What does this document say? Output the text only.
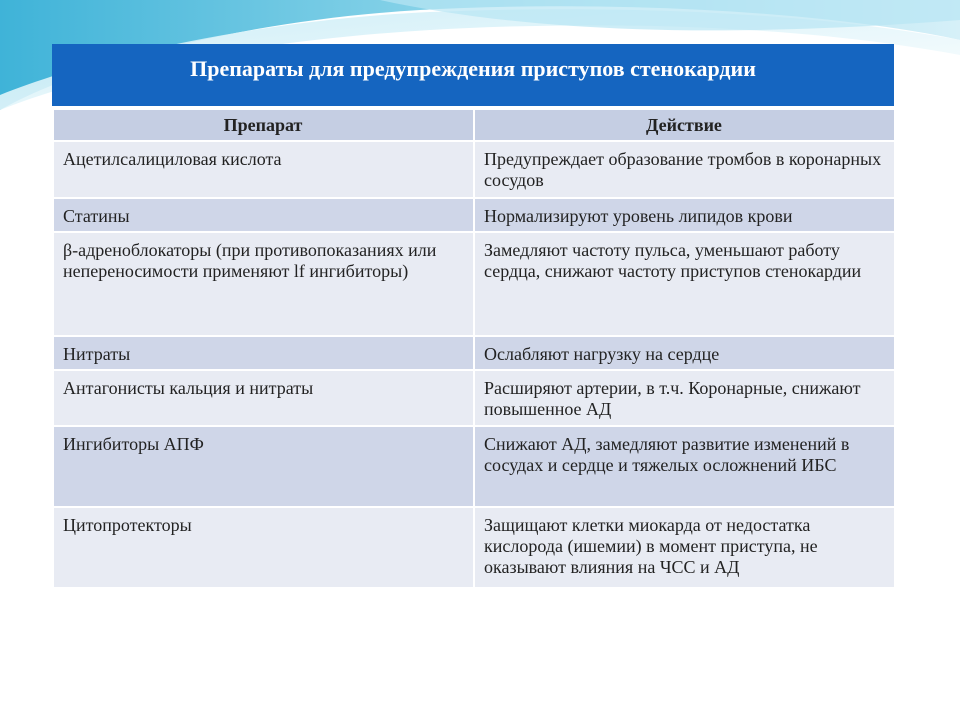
Препараты для предупреждения приступов стенокардии
Препарат	Действие
Ацетилсалициловая кислота	Предупреждает образование тромбов в коронарных сосудов
Статины	Нормализируют уровень липидов крови
β-адреноблокаторы (при противопоказаниях или непереносимости применяют lf ингибиторы)	Замедляют частоту пульса, уменьшают работу сердца, снижают частоту приступов стенокардии
Нитраты	Ослабляют нагрузку на сердце
Антагонисты кальция и нитраты	Расширяют артерии, в т.ч. Коронарные, снижают повышенное АД
Ингибиторы АПФ	Снижают АД, замедляют развитие изменений в сосудах и сердце и тяжелых осложнений ИБС
Цитопротекторы	Защищают клетки миокарда от недостатка кислорода (ишемии) в момент приступа, не оказывают влияния на ЧСС и АД
